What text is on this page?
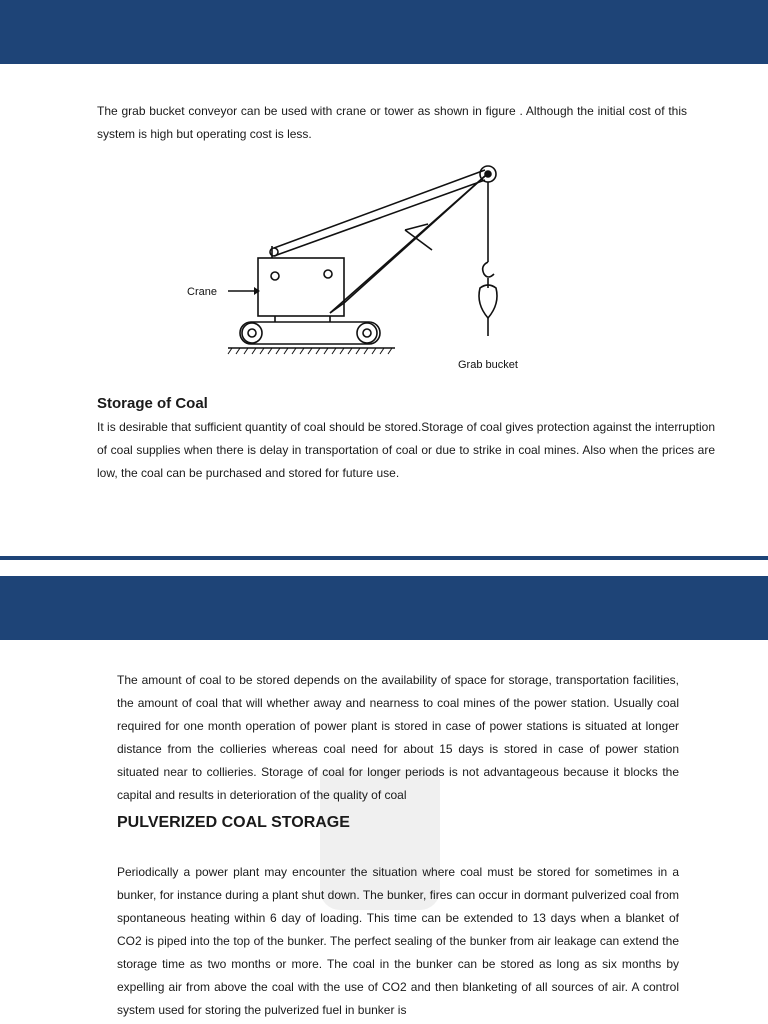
The grab bucket conveyor can be used with crane or tower as shown in figure . Although the initial cost of this system is high but operating cost is less.

Crane
Grab bucket
Storage of Coal

It is desirable that sufficient quantity of coal should be stored.Storage of coal gives protection against the interruption of coal supplies when there is delay in transportation of coal or due to strike in coal mines. Also when the prices are low, the coal can be purchased and stored for future use.

The amount of coal to be stored depends on the availability of space for storage, transportation facilities, the amount of coal that will whether away and nearness to coal mines of the power station. Usually coal required for one month operation of power plant is stored in case of power stations is situated at longer distance from the collieries whereas coal need for about 15 days is stored in case of power station situated near to collieries. Storage of coal for longer periods is not advantageous because it blocks the capital and results in deterioration of the quality of coal

PULVERIZED COAL STORAGE

Periodically a power plant may encounter the situation where coal must be stored for sometimes in a bunker, for instance during a plant shut down. The bunker, fires can occur in dormant pulverized coal from spontaneous heating within 6 day of loading. This time can be extended to 13 days when a blanket of CO2 is piped into the top of the bunker. The perfect sealing of the bunker from air leakage can extend the storage time as two months or more. The coal in the bunker can be stored as long as six months by expelling air from above the coal with the use of CO2 and then blanketing of all sources of air. A control system used for storing the pulverized fuel in bunker is
